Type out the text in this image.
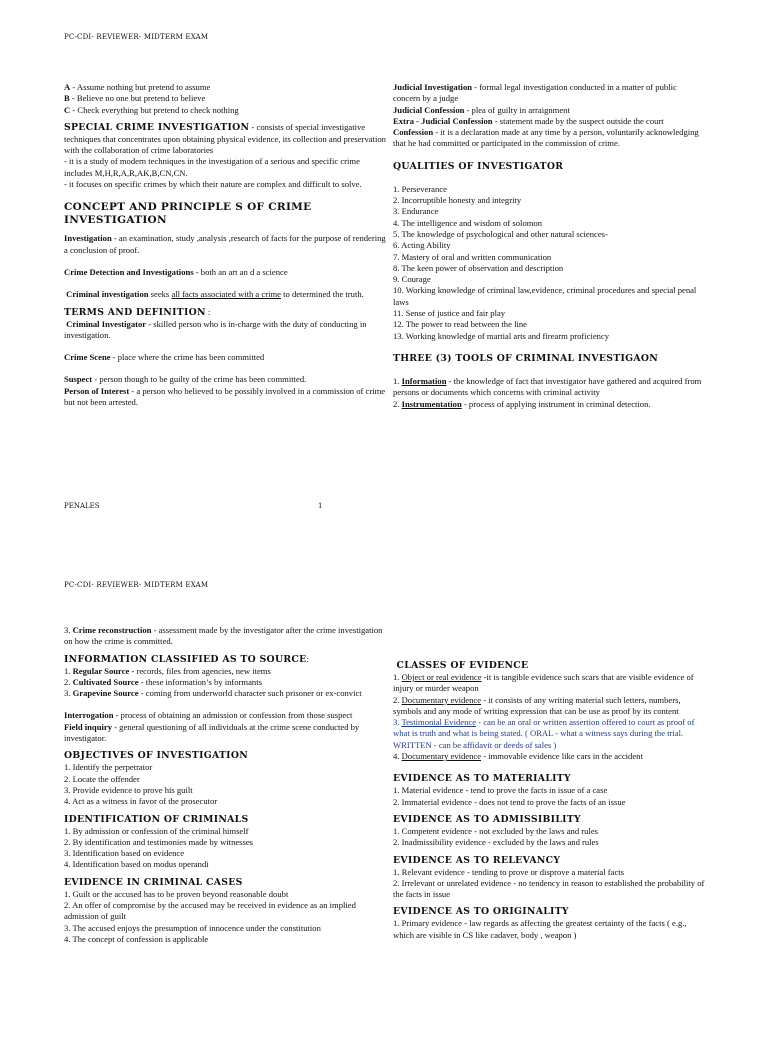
PC-CDI- REVIEWER- MIDTERM EXAM

A - Assume nothing but pretend to assume

B - Believe no one but pretend to believe

C - Check everything but pretend to check nothing

SPECIAL CRIME INVESTIGATION - consists of special investigative techniques that concentrates upon obtaining physical evidence, its collection and preservation with the collaboration of crime laboratories

- it is a study of modern techniques in the investigation of a serious and specific crime includes M,H,R,A,R,AK,B,CN,CN.

- it focuses on specific crimes by which their nature are complex and difficult to solve.

CONCEPT AND PRINCIPLE S OF CRIME INVESTIGATION

Investigation - an examination, study ,analysis ,research of facts for the purpose of rendering a conclusion of proof.

Crime Detection and Investigations - both an art an d a science

Criminal investigation seeks all facts associated with a crime to determined the truth.

TERMS AND DEFINITION :

Criminal Investigator - skilled person who is in-charge with the duty of conducting in investigation.

Crime Scene - place where the crime has been committed

Suspect - person though to be guilty of the crime has been committed.

Person of Interest - a person who believed to be possibly involved in a commission of crime but not been arrested.

Judicial Investigation - formal legal investigation conducted in a matter of public concern by a judge

Judicial Confession - plea of guilty in arraignment

Extra - Judicial Confession - statement made by the suspect outside the court

Confession - it is a declaration made at any time by a person, voluntarily acknowledging that he had committed or participated in the commission of crime.

QUALITIES OF INVESTIGATOR

1. Perseverance

2. Incorruptible honesty and integrity

3. Endurance

4. The intelligence and wisdom of solomon

5. The knowledge of psychological and other natural sciences-

6. Acting Ability

7. Mastery of oral and written communication

8. The keen power of observation and description

9. Courage

10. Working knowledge of criminal law,evidence, criminal procedures and special penal laws

11. Sense of justice and fair play

12. The power to read between the line

13. Working knowledge of martial arts and firearm proficiency

THREE (3) TOOLS OF CRIMINAL INVESTIGAON

1. Information - the knowledge of fact that investigator have gathered and acquired from persons or documents which concerns with criminal activity

2. Instrumentation - process of applying instrument in criminal detection.

PENALES	1
PC-CDI- REVIEWER- MIDTERM EXAM

3. Crime reconstruction - assessment made by the investigator after the crime investigation on how the crime is committed.

INFORMATION CLASSIFIED AS TO SOURCE:

1. Regular Source - records, files from agencies, new items

2. Cultivated Source - these information’s by informants

3. Grapevine Source - coming from underworld character such prisoner or ex-convict

Interrogation - process of obtaining an admission or confession from those suspect

Field inquiry - general questioning of all individuals at the crime scene conducted by investigator.

OBJECTIVES OF INVESTIGATION

1. Identify the perpetrator

2. Locate the offender

3. Provide evidence to prove his guilt

4. Act as a witness in favor of the prosecutor

IDENTIFICATION OF CRIMINALS

1. By admission or confession of the criminal himself

2. By identification and testimonies made by witnesses

3. Identification based on evidence

4. Identification based on modus operandi

EVIDENCE IN CRIMINAL CASES

1. Guilt or the accused has to be proven beyond reasonable doubt

2. An offer of compromise by the accused may be received in evidence as an implied admission of guilt

3. The accused enjoys the presumption of innocence under the constitution

4. The concept of confession is applicable

CLASSES OF EVIDENCE

1. Object or real evidence -it is tangible evidence such scars that are visible evidence of injury or murder weapon

2. Documentary evidence - it consists of any writing material such letters, numbers, symbols and any mode of writing expression that can be use as proof by its content

3. Testimonial Evidence - can be an oral or written assertion offered to court as proof of what is truth and what is being stated. ( ORAL - what a witness says during the trial. WRITTEN - can be affidavit or deeds of sales )

4. Documentary evidence - immovable evidence like cars in the accident

EVIDENCE AS TO MATERIALITY

1. Material evidence - tend to prove the facts in issue of a case

2. Immaterial evidence - does not tend to prove the facts of an issue

EVIDENCE AS TO ADMISSIBILITY

1. Competent evidence - not excluded by the laws and rules

2. Inadmissibility evidence - excluded by the laws and rules

EVIDENCE AS TO RELEVANCY

1. Relevant evidence - tending to prove or disprove a material facts

2. Irrelevant or unrelated evidence - no tendency in reason to established the probability of the facts in issue

EVIDENCE AS TO ORIGINALITY

1. Primary evidence - law regards as affecting the greatest certainty of the facts ( e.g., which are visible in CS like cadaver, body , weapon )
